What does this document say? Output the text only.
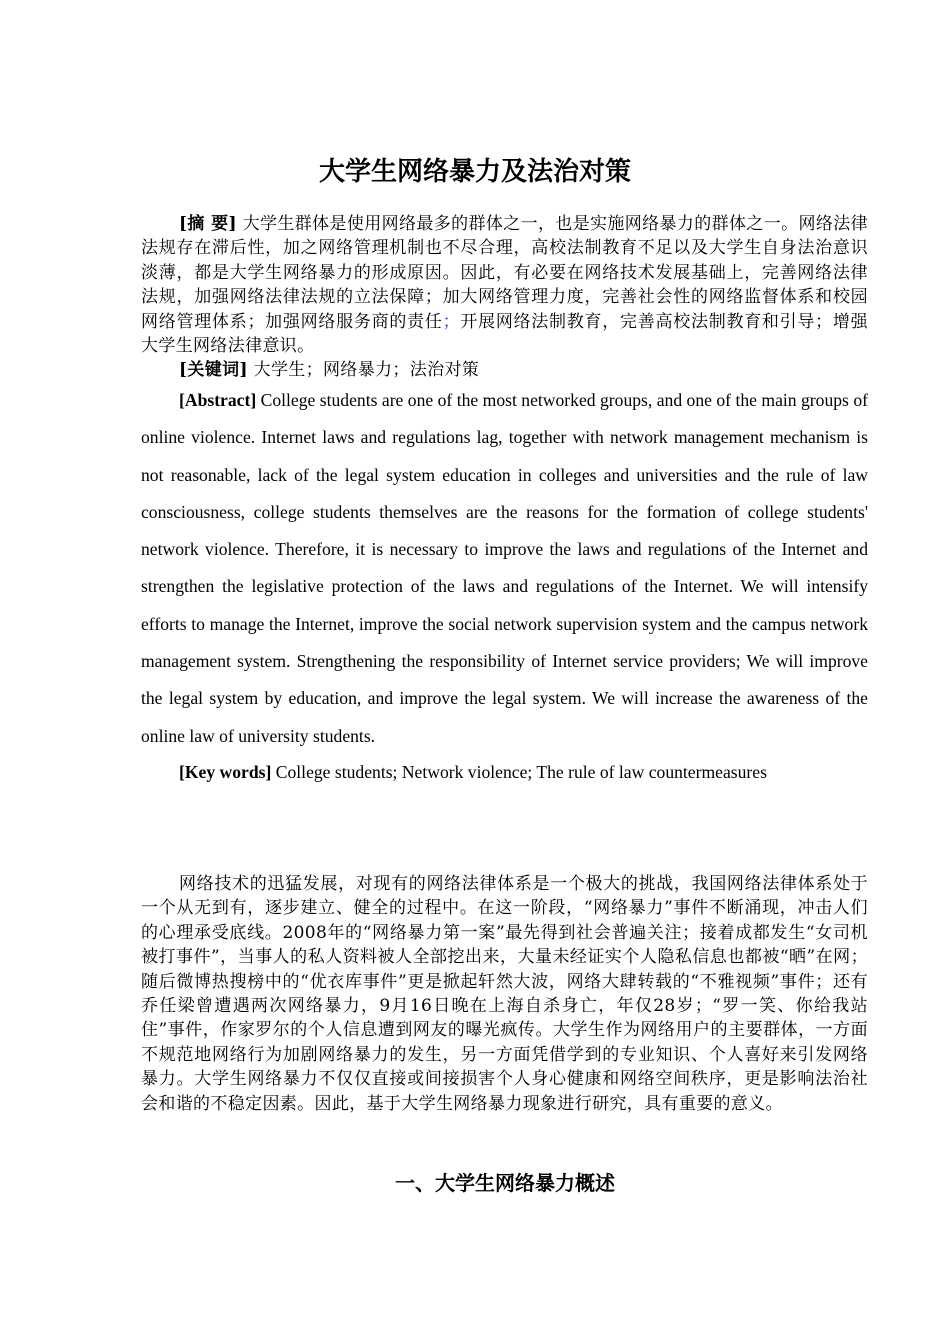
大学生网络暴力及法治对策

[摘 要] 大学生群体是使用网络最多的群体之一，也是实施网络暴力的群体之一。网络法律法规存在滞后性，加之网络管理机制也不尽合理，高校法制教育不足以及大学生自身法治意识淡薄，都是大学生网络暴力的形成原因。因此，有必要在网络技术发展基础上，完善网络法律法规，加强网络法律法规的立法保障；加大网络管理力度，完善社会性的网络监督体系和校园网络管理体系；加强网络服务商的责任；开展网络法制教育，完善高校法制教育和引导；增强大学生网络法律意识。

[关键词] 大学生；网络暴力；法治对策

[Abstract] College students are one of the most networked groups, and one of the main groups of online violence. Internet laws and regulations lag, together with network management mechanism is not reasonable, lack of the legal system education in colleges and universities and the rule of law consciousness, college students themselves are the reasons for the formation of college students' network violence. Therefore, it is necessary to improve the laws and regulations of the Internet and strengthen the legislative protection of the laws and regulations of the Internet. We will intensify efforts to manage the Internet, improve the social network supervision system and the campus network management system. Strengthening the responsibility of Internet service providers; We will improve the legal system by education, and improve the legal system. We will increase the awareness of the online law of university students.

[Key words] College students; Network violence; The rule of law countermeasures

网络技术的迅猛发展，对现有的网络法律体系是一个极大的挑战，我国网络法律体系处于一个从无到有，逐步建立、健全的过程中。在这一阶段，“网络暴力”事件不断涌现，冲击人们的心理承受底线。2008年的“网络暴力第一案”最先得到社会普遍关注；接着成都发生“女司机被打事件”，当事人的私人资料被人全部挖出来，大量未经证实个人隐私信息也都被“晒”在网；随后微博热搜榜中的“优衣库事件”更是掀起轩然大波，网络大肆转载的“不雅视频”事件；还有乔任梁曾遭遇两次网络暴力，9月16日晚在上海自杀身亡，年仅28岁；“罗一笑、你给我站住”事件，作家罗尔的个人信息遭到网友的曝光疯传。大学生作为网络用户的主要群体，一方面不规范地网络行为加剧网络暴力的发生，另一方面凭借学到的专业知识、个人喜好来引发网络暴力。大学生网络暴力不仅仅直接或间接损害个人身心健康和网络空间秩序，更是影响法治社会和谐的不稳定因素。因此，基于大学生网络暴力现象进行研究，具有重要的意义。

一、大学生网络暴力概述
